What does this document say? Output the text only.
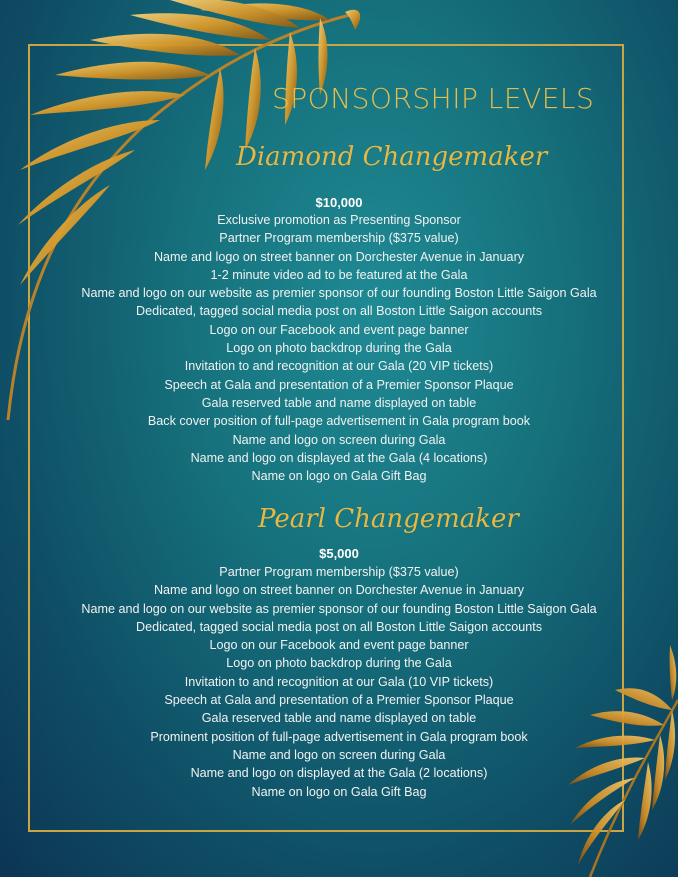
SPONSORSHIP LEVELS
Diamond Changemaker
$10,000
Exclusive promotion as Presenting Sponsor
Partner Program membership ($375 value)
Name and logo on street banner on Dorchester Avenue in January
1-2 minute video ad to be featured at the Gala
Name and logo on our website as premier sponsor of our founding Boston Little Saigon Gala
Dedicated, tagged social media post on all Boston Little Saigon accounts
Logo on our Facebook and event page banner
Logo on photo backdrop during the Gala
Invitation to and recognition at our Gala (20 VIP tickets)
Speech at Gala and presentation of a Premier Sponsor Plaque
Gala reserved table and name displayed on table
Back cover position of full-page advertisement in Gala program book
Name and logo on screen during Gala
Name and logo on displayed at the Gala (4 locations)
Name on logo on Gala Gift Bag
Pearl Changemaker
$5,000
Partner Program membership ($375 value)
Name and logo on street banner on Dorchester Avenue in January
Name and logo on our website as premier sponsor of our founding Boston Little Saigon Gala
Dedicated, tagged social media post on all Boston Little Saigon accounts
Logo on our Facebook and event page banner
Logo on photo backdrop during the Gala
Invitation to and recognition at our Gala (10 VIP tickets)
Speech at Gala and presentation of a Premier Sponsor Plaque
Gala reserved table and name displayed on table
Prominent position of full-page advertisement in Gala program book
Name and logo on screen during Gala
Name and logo on displayed at the Gala (2 locations)
Name on logo on Gala Gift Bag
